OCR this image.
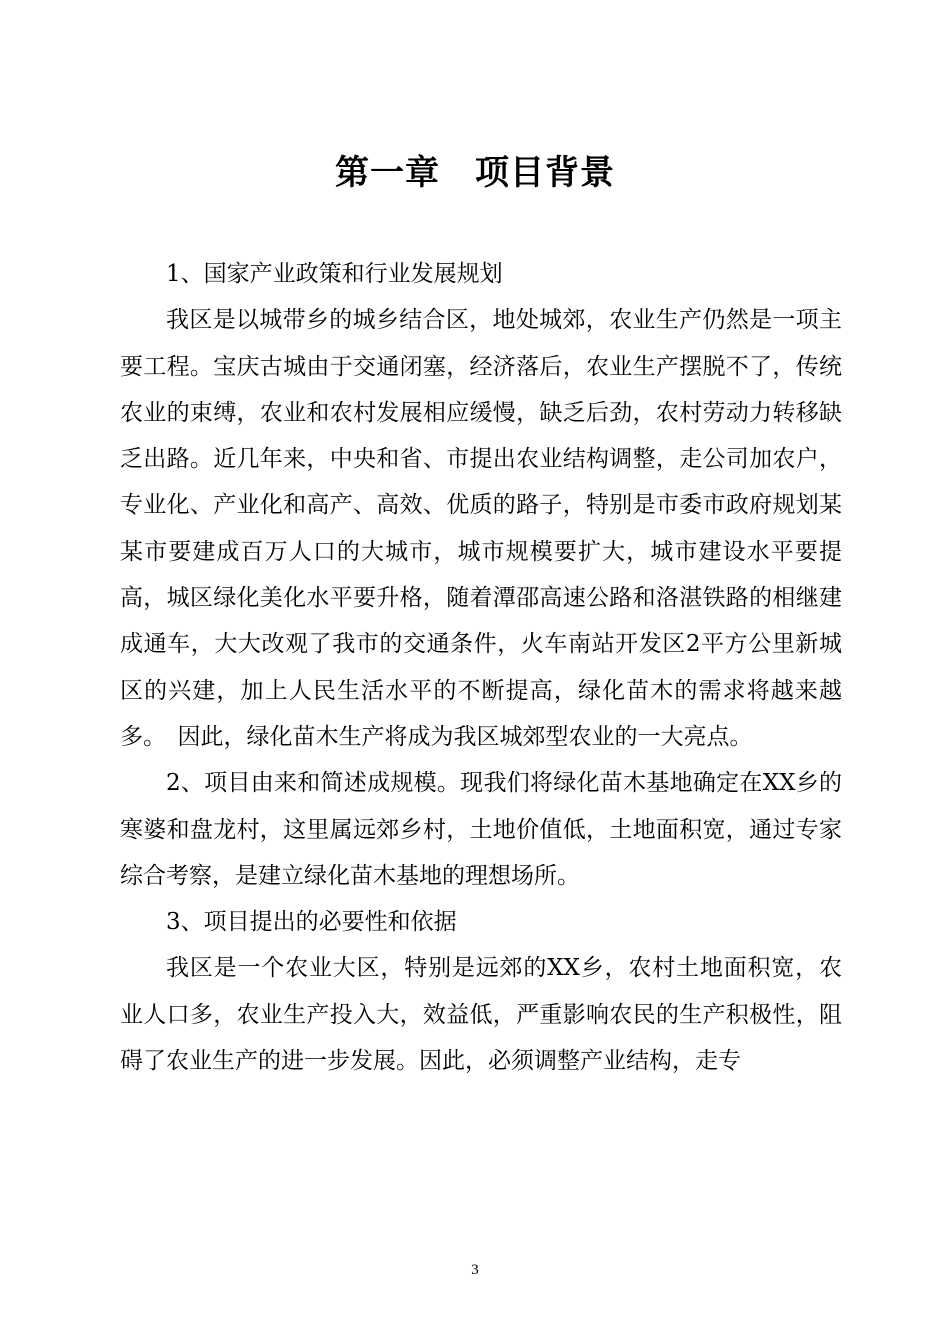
第一章　项目背景

1、国家产业政策和行业发展规划

我区是以城带乡的城乡结合区，地处城郊，农业生产仍然是一项主要工程。宝庆古城由于交通闭塞，经济落后，农业生产摆脱不了，传统农业的束缚，农业和农村发展相应缓慢，缺乏后劲，农村劳动力转移缺乏出路。近几年来，中央和省、市提出农业结构调整，走公司加农户，专业化、产业化和高产、高效、优质的路子，特别是市委市政府规划某某市要建成百万人口的大城市，城市规模要扩大，城市建设水平要提高，城区绿化美化水平要升格，随着潭邵高速公路和洛湛铁路的相继建成通车，大大改观了我市的交通条件，火车南站开发区2平方公里新城区的兴建，加上人民生活水平的不断提高，绿化苗木的需求将越来越多。　因此，绿化苗木生产将成为我区城郊型农业的一大亮点。

2、项目由来和简述成规模。现我们将绿化苗木基地确定在XX乡的寒婆和盘龙村，这里属远郊乡村，土地价值低，土地面积宽，通过专家综合考察，是建立绿化苗木基地的理想场所。

3、项目提出的必要性和依据

我区是一个农业大区，特别是远郊的XX乡，农村土地面积宽，农业人口多，农业生产投入大，效益低，严重影响农民的生产积极性，阻碍了农业生产的进一步发展。因此，必须调整产业结构，走专

3
